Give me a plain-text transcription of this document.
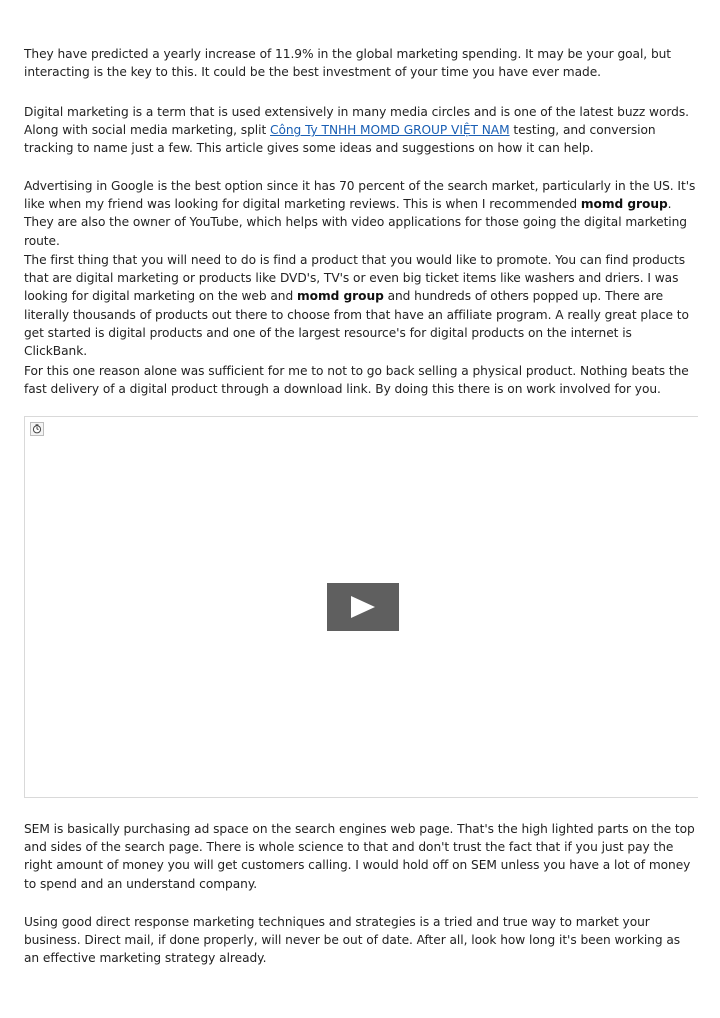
They have predicted a yearly increase of 11.9% in the global marketing spending. It may be your goal, but interacting is the key to this. It could be the best investment of your time you have ever made.

Digital marketing is a term that is used extensively in many media circles and is one of the latest buzz words. Along with social media marketing, split Công Ty TNHH MOMD GROUP VIỆT NAM testing, and conversion tracking to name just a few. This article gives some ideas and suggestions on how it can help.

Advertising in Google is the best option since it has 70 percent of the search market, particularly in the US. It's like when my friend was looking for digital marketing reviews. This is when I recommended momd group. They are also the owner of YouTube, which helps with video applications for those going the digital marketing route.

The first thing that you will need to do is find a product that you would like to promote. You can find products that are digital marketing or products like DVD's, TV's or even big ticket items like washers and driers. I was looking for digital marketing on the web and momd group and hundreds of others popped up. There are literally thousands of products out there to choose from that have an affiliate program. A really great place to get started is digital products and one of the largest resource's for digital products on the internet is ClickBank.

For this one reason alone was sufficient for me to not to go back selling a physical product. Nothing beats the fast delivery of a digital product through a download link. By doing this there is on work involved for you.

SEM is basically purchasing ad space on the search engines web page. That's the high lighted parts on the top and sides of the search page. There is whole science to that and don't trust the fact that if you just pay the right amount of money you will get customers calling. I would hold off on SEM unless you have a lot of money to spend and an understand company.

Using good direct response marketing techniques and strategies is a tried and true way to market your business. Direct mail, if done properly, will never be out of date. After all, look how long it's been working as an effective marketing strategy already.
